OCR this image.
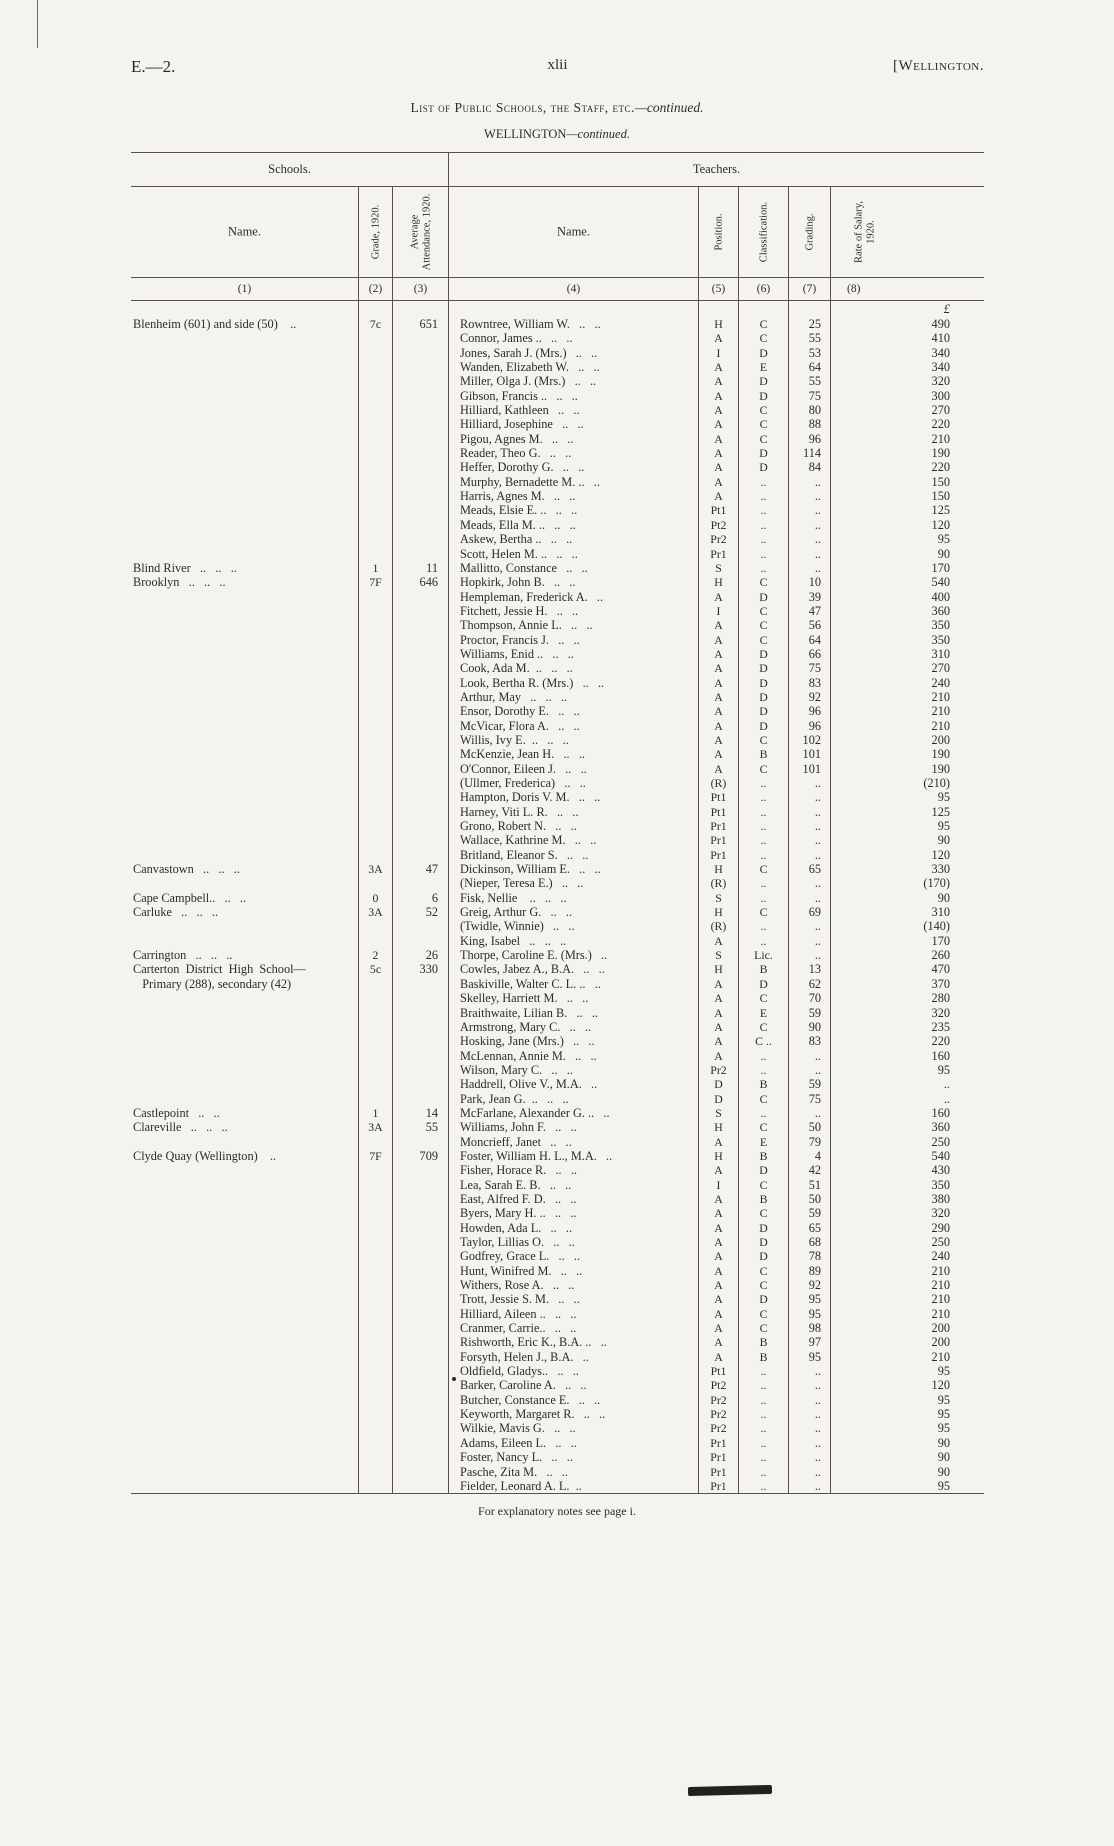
E.—2.	xlii	[Wellington.
List of Public Schools, the Staff, etc.—continued.
WELLINGTON—continued.
Schools.	Teachers.
Name.	Grade, 1920.	Average Attendance, 1920.	Name.	Position.	Classification.	Grading.	Rate of Salary, 1920.
(1)	(2)	(3)	(4)	(5)	(6)	(7)	(8)
£
Blenheim (601) and side (50)    ..	7c	651	Rowntree, William W.   ..   ..	H	C	25	490
Connor, James ..   ..   ..	A	C	55	410
Jones, Sarah J. (Mrs.)   ..   ..	I	D	53	340
Wanden, Elizabeth W.   ..   ..	A	E	64	340
Miller, Olga J. (Mrs.)   ..   ..	A	D	55	320
Gibson, Francis ..   ..   ..	A	D	75	300
Hilliard, Kathleen   ..   ..	A	C	80	270
Hilliard, Josephine   ..   ..	A	C	88	220
Pigou, Agnes M.   ..   ..	A	C	96	210
Reader, Theo G.   ..   ..	A	D	114	190
Heffer, Dorothy G.   ..   ..	A	D	84	220
Murphy, Bernadette M. ..   ..	A	..	..	150
Harris, Agnes M.   ..   ..	A	..	..	150
Meads, Elsie E. ..   ..   ..	Pt1	..	..	125
Meads, Ella M. ..   ..   ..	Pt2	..	..	120
Askew, Bertha ..   ..   ..	Pr2	..	..	95
Scott, Helen M. ..   ..   ..	Pr1	..	..	90
Blind River   ..   ..   ..	1	11	Mallitto, Constance   ..   ..	S	..	..	170
Brooklyn   ..   ..   ..	7F	646	Hopkirk, John B.   ..   ..	H	C	10	540
Hempleman, Frederick A.   ..	A	D	39	400
Fitchett, Jessie H.   ..   ..	I	C	47	360
Thompson, Annie L.   ..   ..	A	C	56	350
Proctor, Francis J.   ..   ..	A	C	64	350
Williams, Enid ..   ..   ..	A	D	66	310
Cook, Ada M.  ..   ..   ..	A	D	75	270
Look, Bertha R. (Mrs.)   ..   ..	A	D	83	240
Arthur, May   ..   ..   ..	A	D	92	210
Ensor, Dorothy E.   ..   ..	A	D	96	210
McVicar, Flora A.   ..   ..	A	D	96	210
Willis, Ivy E.  ..   ..   ..	A	C	102	200
McKenzie, Jean H.   ..   ..	A	B	101	190
O'Connor, Eileen J.   ..   ..	A	C	101	190
(Ullmer, Frederica)   ..   ..	(R)	..	..	(210)
Hampton, Doris V. M.   ..   ..	Pt1	..	..	95
Harney, Viti L. R.   ..   ..	Pt1	..	..	125
Grono, Robert N.   ..   ..	Pr1	..	..	95
Wallace, Kathrine M.   ..   ..	Pr1	..	..	90
Britland, Eleanor S.   ..   ..	Pr1	..	..	120
Canvastown   ..   ..   ..	3A	47	Dickinson, William E.   ..   ..	H	C	65	330
(Nieper, Teresa E.)   ..   ..	(R)	..	..	(170)
Cape Campbell..   ..   ..	0	6	Fisk, Nellie    ..   ..   ..	S	..	..	90
Carluke   ..   ..   ..	3A	52	Greig, Arthur G.   ..   ..	H	C	69	310
(Twidle, Winnie)   ..   ..	(R)	..	..	(140)
King, Isabel   ..   ..   ..	A	..	..	170
Carrington   ..   ..   ..	2	26	Thorpe, Caroline E. (Mrs.)   ..	S	Lic.	..	260
Carterton  District  High  School—	5c	330	Cowles, Jabez A., B.A.   ..   ..	H	B	13	470
Primary (288), secondary (42)	Baskiville, Walter C. L. ..   ..	A	D	62	370
Skelley, Harriett M.   ..   ..	A	C	70	280
Braithwaite, Lilian B.   ..   ..	A	E	59	320
Armstrong, Mary C.   ..   ..	A	C	90	235
Hosking, Jane (Mrs.)   ..   ..	A	C ..	83	220
McLennan, Annie M.   ..   ..	A	..	..	160
Wilson, Mary C.   ..   ..	Pr2	..	..	95
Haddrell, Olive V., M.A.   ..	D	B	59	..
Park, Jean G.  ..   ..   ..	D	C	75	..
Castlepoint   ..   ..	1	14	McFarlane, Alexander G. ..   ..	S	..	..	160
Clareville   ..   ..   ..	3A	55	Williams, John F.   ..   ..	H	C	50	360
Moncrieff, Janet   ..   ..	A	E	79	250
Clyde Quay (Wellington)    ..	7F	709	Foster, William H. L., M.A.   ..	H	B	4	540
Fisher, Horace R.   ..   ..	A	D	42	430
Lea, Sarah E. B.   ..   ..	I	C	51	350
East, Alfred F. D.   ..   ..	A	B	50	380
Byers, Mary H. ..   ..   ..	A	C	59	320
Howden, Ada L.   ..   ..	A	D	65	290
Taylor, Lillias O.   ..   ..	A	D	68	250
Godfrey, Grace L.   ..   ..	A	D	78	240
Hunt, Winifred M.   ..   ..	A	C	89	210
Withers, Rose A.   ..   ..	A	C	92	210
Trott, Jessie S. M.   ..   ..	A	D	95	210
Hilliard, Aileen ..   ..   ..	A	C	95	210
Cranmer, Carrie..   ..   ..	A	C	98	200
Rishworth, Eric K., B.A. ..   ..	A	B	97	200
Forsyth, Helen J., B.A.   ..	A	B	95	210
Oldfield, Gladys..   ..   ..	Pt1	..	..	95
Barker, Caroline A.   ..   ..	Pt2	..	..	120
Butcher, Constance E.   ..   ..	Pr2	..	..	95
Keyworth, Margaret R.   ..   ..	Pr2	..	..	95
Wilkie, Mavis G.   ..   ..	Pr2	..	..	95
Adams, Eileen L.   ..   ..	Pr1	..	..	90
Foster, Nancy L.   ..   ..	Pr1	..	..	90
Pasche, Zita M.   ..   ..	Pr1	..	..	90
Fielder, Leonard A. L.  ..	Pr1	..	..	95
For explanatory notes see page i.
